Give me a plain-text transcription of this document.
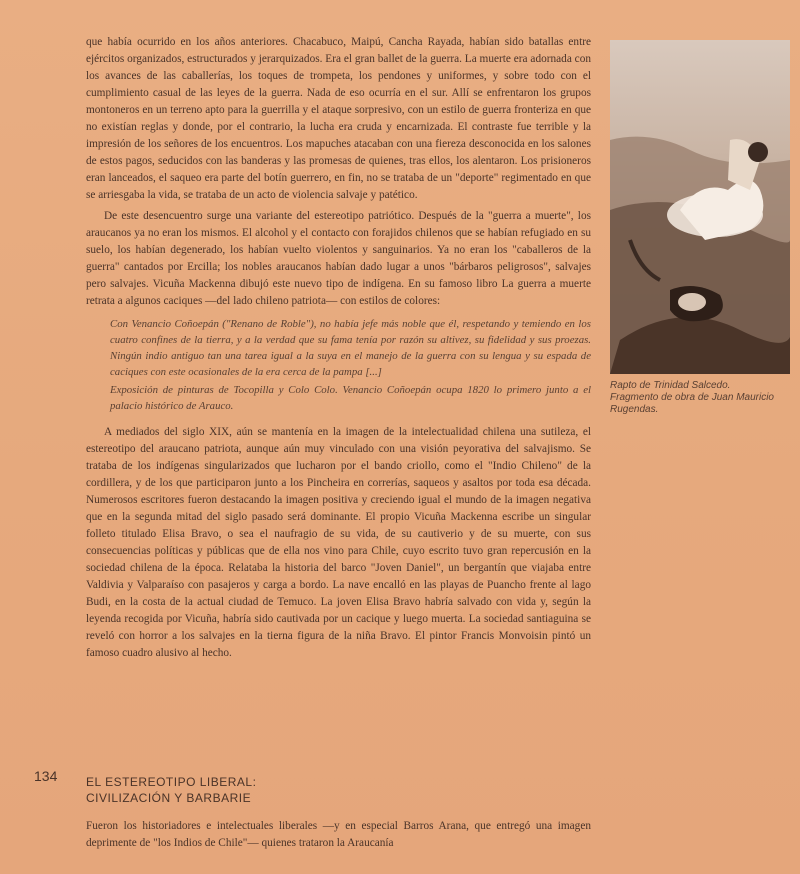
que había ocurrido en los años anteriores. Chacabuco, Maipú, Cancha Rayada, habían sido batallas entre ejércitos organizados, estructurados y jerarquizados. Era el gran ballet de la guerra. La muerte era adornada con los avances de las caballerías, los toques de trompeta, los pendones y uniformes, y sobre todo con el cumplimiento casual de las leyes de la guerra. Nada de eso ocurría en el sur. Allí se enfrentaron los grupos montoneros en un terreno apto para la guerrilla y el ataque sorpresivo, con un estilo de guerra fronteriza en que no existían reglas y donde, por el contrario, la lucha era cruda y encarnizada. El contraste fue terrible y la impresión de los señores de los encuentros. Los mapuches atacaban con una fiereza desconocida en los salones de estos pagos, seducidos con las banderas y las promesas de quienes, tras ellos, los alentaron. Los prisioneros eran lanceados, el saqueo era parte del botín guerrero, en fin, no se trataba de un "deporte" regimentado en que se arriesgaba la vida, se trataba de un acto de violencia salvaje y patético.

De este desencuentro surge una variante del estereotipo patriótico. Después de la "guerra a muerte", los araucanos ya no eran los mismos. El alcohol y el contacto con forajidos chilenos que se habían refugiado en su suelo, los habían degenerado, los habían vuelto violentos y sanguinarios. Ya no eran los "caballeros de la guerra" cantados por Ercilla; los nobles araucanos habían dado lugar a unos "bárbaros peligrosos", salvajes pero salvajes. Vicuña Mackenna dibujó este nuevo tipo de indígena. En su famoso libro La guerra a muerte retrata a algunos caciques —del lado chileno patriota— con estilos de colores:

Con Venancio Coñoepán ("Renano de Roble"), no había jefe más noble que él, respetando y temiendo en los cuatro confines de la tierra, y a la verdad que su fama tenía por razón su altivez, su fidelidad y sus proezas. Ningún indio antiguo tan una tarea igual a la suya en el manejo de la guerra con su lengua y su espada de caciques con este ocasionales de la era cerca de la pampa [...]
Exposición de pinturas de Tocopilla y Colo Colo. Venancio Coñoepán ocupa 1820 lo primero junto a el palacio histórico de Arauco.

A mediados del siglo XIX, aún se mantenía en la imagen de la intelectualidad chilena una sutileza, el estereotipo del araucano patriota, aunque aún muy vinculado con una visión peyorativa del salvajismo. Se trataba de los indígenas singularizados que lucharon por el bando criollo, como el "Indio Chileno" de la cordillera, y de los que participaron junto a los Pincheira en correrías, saqueos y asaltos por toda esa década. Numerosos escritores fueron destacando la imagen positiva y creciendo igual el mundo de la imagen negativa que en la segunda mitad del siglo pasado será dominante. El propio Vicuña Mackenna escribe un singular folleto titulado Elisa Bravo, o sea el naufragio de su vida, de su cautiverio y de su muerte, con sus consecuencias políticas y públicas que de ella nos vino para Chile, cuyo escrito tuvo gran repercusión en la sociedad chilena de la época. Relataba la historia del barco "Joven Daniel", un bergantín que viajaba entre Valdivia y Valparaíso con pasajeros y carga a bordo. La nave encalló en las playas de Puancho frente al lago Budi, en la costa de la actual ciudad de Temuco. La joven Elisa Bravo habría salvado con vida y, según la leyenda recogida por Vicuña, habría sido cautivada por un cacique y luego muerta. La sociedad santiaguina se reveló con horror a los salvajes en la tierna figura de la niña Bravo. El pintor Francis Monvoisin pintó un famoso cuadro alusivo al hecho.

134 EL ESTEREOTIPO LIBERAL:
CIVILIZACIÓN Y BARBARIE
Fueron los historiadores e intelectuales liberales —y en especial Barros Arana, que entregó una imagen deprimente de "los Indios de Chile"— quienes trataron la Araucanía
Rapto de Trinidad Salcedo. Fragmento de obra de Juan Mauricio Rugendas.
